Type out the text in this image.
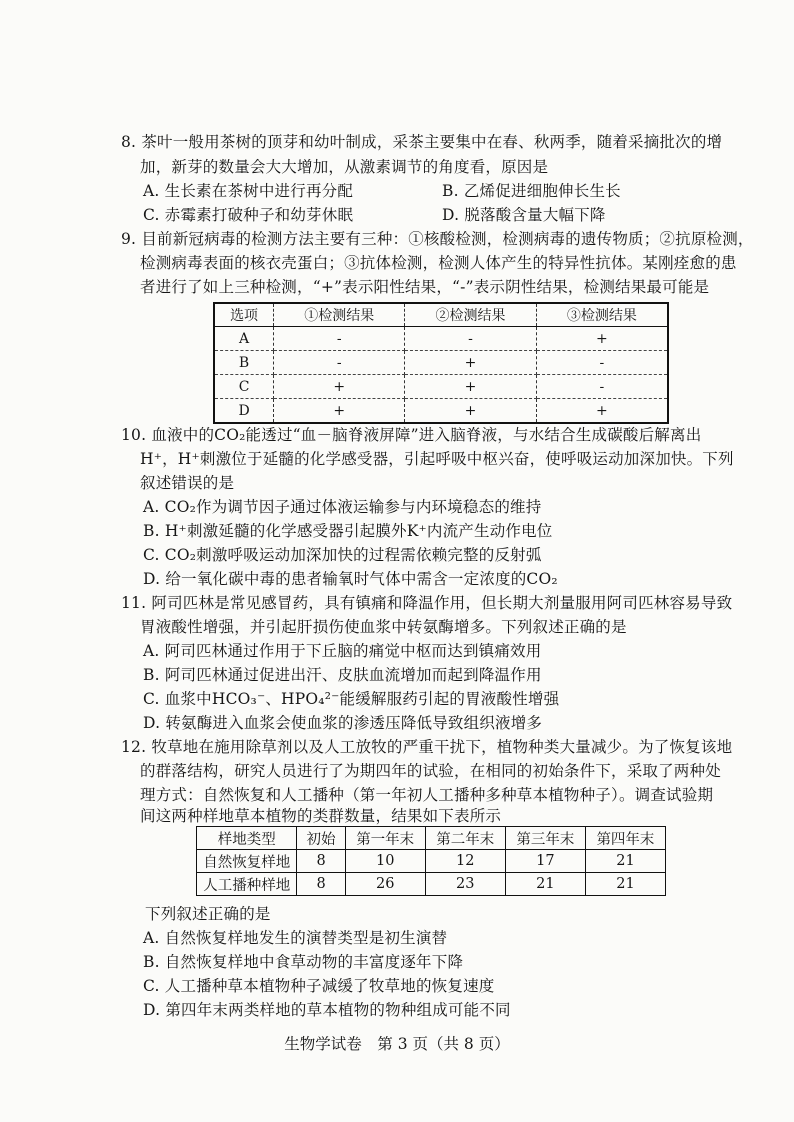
8. 茶叶一般用茶树的顶芽和幼叶制成，采茶主要集中在春、秋两季，随着采摘批次的增
加，新芽的数量会大大增加，从激素调节的角度看，原因是
A. 生长素在茶树中进行再分配	B. 乙烯促进细胞伸长生长
C. 赤霉素打破种子和幼芽休眠	D. 脱落酸含量大幅下降
9. 目前新冠病毒的检测方法主要有三种：①核酸检测，检测病毒的遗传物质；②抗原检测，
检测病毒表面的核衣壳蛋白；③抗体检测，检测人体产生的特异性抗体。某刚痊愈的患
者进行了如上三种检测，“+”表示阳性结果，“-”表示阴性结果，检测结果最可能是
选项	①检测结果	②检测结果	③检测结果
A	-	-	+
B	-	+	-
C	+	+	-
D	+	+	+
10. 血液中的CO₂能透过“血－脑脊液屏障”进入脑脊液，与水结合生成碳酸后解离出
H⁺，H⁺刺激位于延髓的化学感受器，引起呼吸中枢兴奋，使呼吸运动加深加快。下列
叙述错误的是
A. CO₂作为调节因子通过体液运输参与内环境稳态的维持
B. H⁺刺激延髓的化学感受器引起膜外K⁺内流产生动作电位
C. CO₂刺激呼吸运动加深加快的过程需依赖完整的反射弧
D. 给一氧化碳中毒的患者输氧时气体中需含一定浓度的CO₂
11. 阿司匹林是常见感冒药，具有镇痛和降温作用，但长期大剂量服用阿司匹林容易导致
胃液酸性增强，并引起肝损伤使血浆中转氨酶增多。下列叙述正确的是
A. 阿司匹林通过作用于下丘脑的痛觉中枢而达到镇痛效用
B. 阿司匹林通过促进出汗、皮肤血流增加而起到降温作用
C. 血浆中HCO₃⁻、HPO₄²⁻能缓解服药引起的胃液酸性增强
D. 转氨酶进入血浆会使血浆的渗透压降低导致组织液增多
12. 牧草地在施用除草剂以及人工放牧的严重干扰下，植物种类大量减少。为了恢复该地
的群落结构，研究人员进行了为期四年的试验，在相同的初始条件下，采取了两种处
理方式：自然恢复和人工播种（第一年初人工播种多种草本植物种子）。调查试验期
间这两种样地草本植物的类群数量，结果如下表所示
样地类型	初始	第一年末	第二年末	第三年末	第四年末
自然恢复样地	8	10	12	17	21
人工播种样地	8	26	23	21	21
下列叙述正确的是
A. 自然恢复样地发生的演替类型是初生演替
B. 自然恢复样地中食草动物的丰富度逐年下降
C. 人工播种草本植物种子减缓了牧草地的恢复速度
D. 第四年末两类样地的草本植物的物种组成可能不同
生物学试卷　第 3 页（共 8 页）
